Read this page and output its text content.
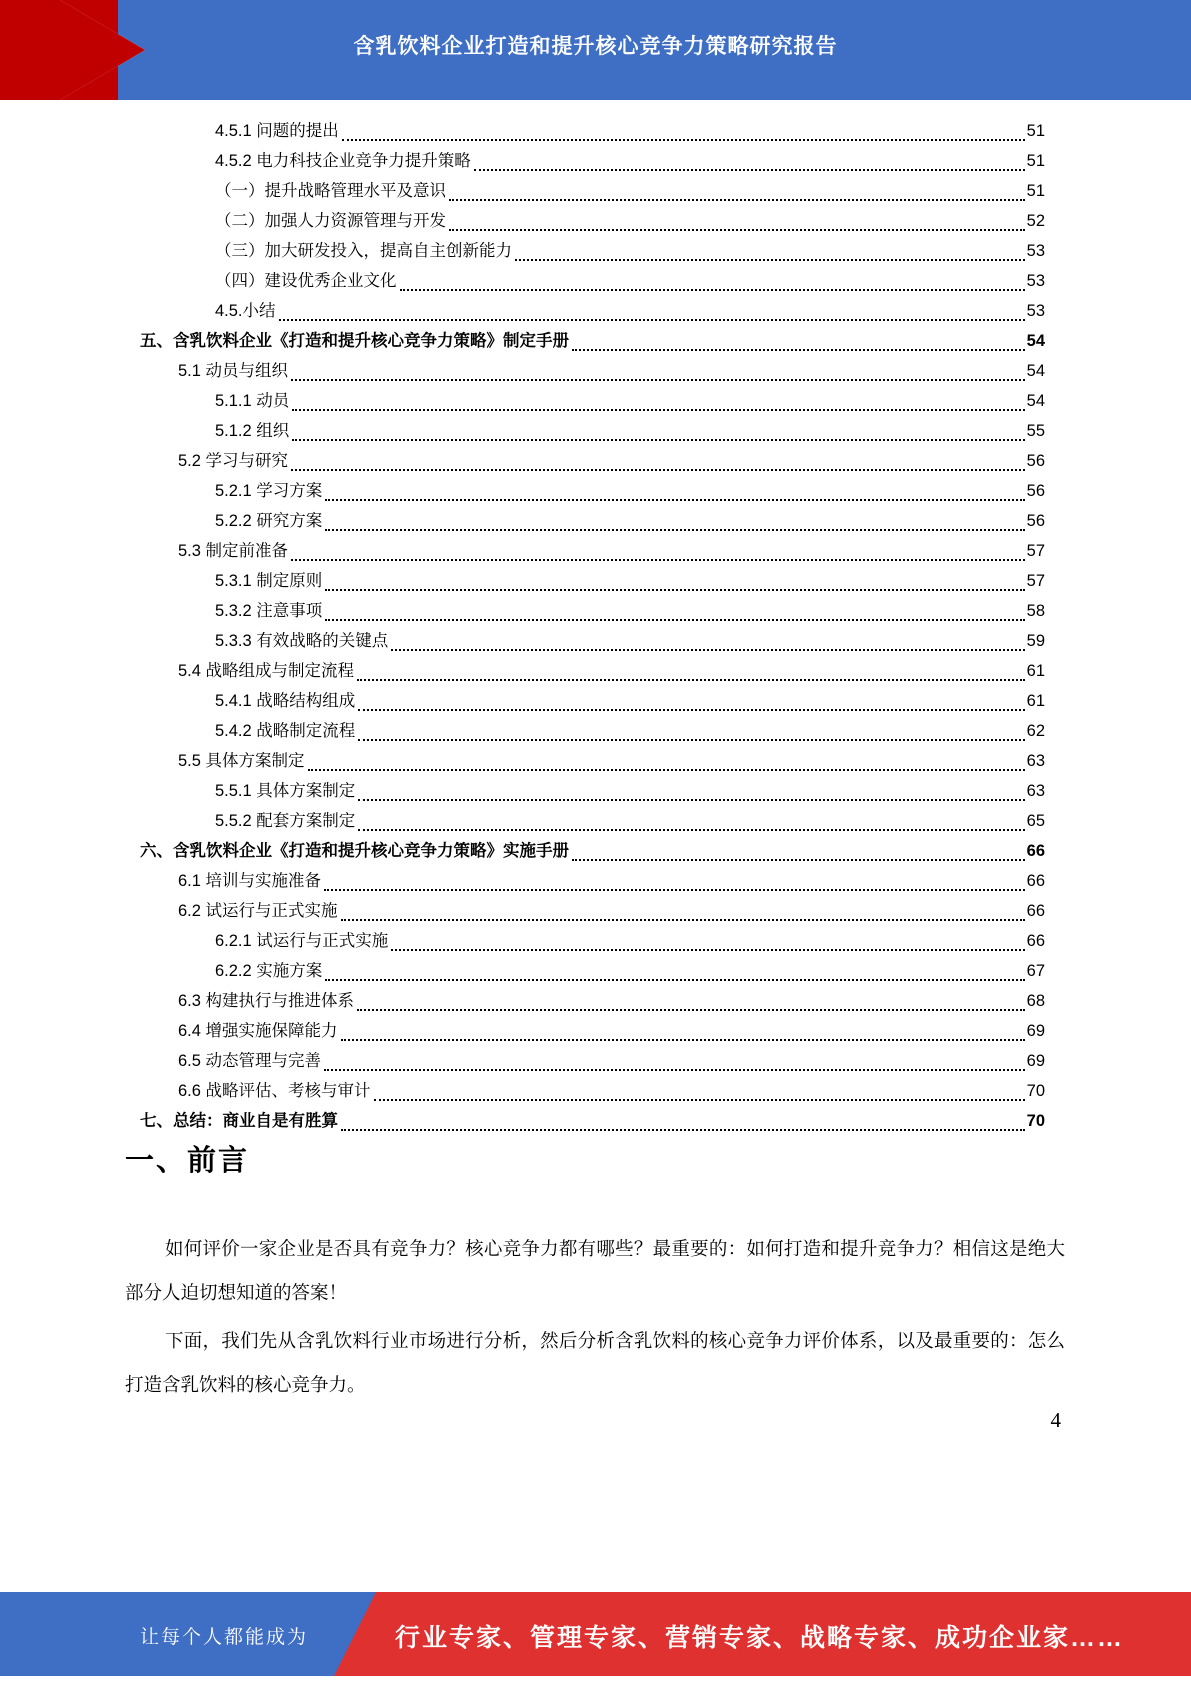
含乳饮料企业打造和提升核心竞争力策略研究报告
4.5.1 问题的提出	51
4.5.2 电力科技企业竞争力提升策略	51
（一）提升战略管理水平及意识	51
（二）加强人力资源管理与开发	52
（三）加大研发投入，提高自主创新能力	53
（四）建设优秀企业文化	53
4.5.小结	53
五、含乳饮料企业《打造和提升核心竞争力策略》制定手册	54
5.1 动员与组织	54
5.1.1 动员	54
5.1.2 组织	55
5.2 学习与研究	56
5.2.1 学习方案	56
5.2.2 研究方案	56
5.3 制定前准备	57
5.3.1 制定原则	57
5.3.2 注意事项	58
5.3.3 有效战略的关键点	59
5.4 战略组成与制定流程	61
5.4.1 战略结构组成	61
5.4.2 战略制定流程	62
5.5 具体方案制定	63
5.5.1 具体方案制定	63
5.5.2 配套方案制定	65
六、含乳饮料企业《打造和提升核心竞争力策略》实施手册	66
6.1 培训与实施准备	66
6.2 试运行与正式实施	66
6.2.1 试运行与正式实施	66
6.2.2 实施方案	67
6.3 构建执行与推进体系	68
6.4 增强实施保障能力	69
6.5 动态管理与完善	69
6.6 战略评估、考核与审计	70
七、总结：商业自是有胜算	70
一、前言
如何评价一家企业是否具有竞争力？核心竞争力都有哪些？最重要的：如何打造和提升竞争力？相信这是绝大部分人迫切想知道的答案！
下面，我们先从含乳饮料行业市场进行分析，然后分析含乳饮料的核心竞争力评价体系，以及最重要的：怎么打造含乳饮料的核心竞争力。
4
让每个人都能成为	行业专家、管理专家、营销专家、战略专家、成功企业家……
